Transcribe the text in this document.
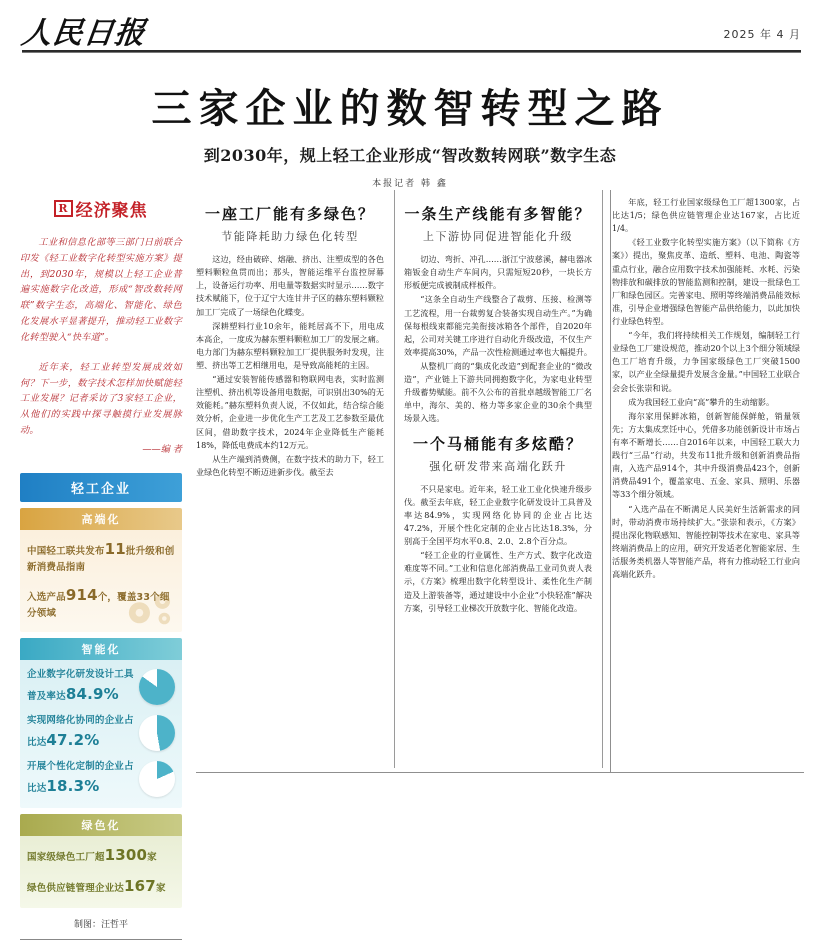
人民日报	2025 年 4 月
三家企业的数智转型之路
到2030年，规上轻工企业形成“智改数转网联”数字生态
本报记者 韩 鑫
R 经济聚焦
工业和信息化部等三部门日前联合印发《轻工业数字化转型实施方案》提出，到2030年，规模以上轻工企业普遍实施数字化改造，形成“智改数转网联”数字生态，高端化、智能化、绿色化发展水平显著提升，推动轻工业数字化转型驶入“快车道”。
近年来，轻工业转型发展成效如何？下一步，数字技术怎样加快赋能轻工业发展？记者采访了3家轻工企业，从他们的实践中探寻触摸行业发展脉动。
——编 者
轻工企业
高端化
中国轻工联共发布11批升级和创新消费品指南
入选产品914个，覆盖33个细分领域
智能化
企业数字化研发设计工具普及率达84.9%
实现网络化协同的企业占比达47.2%
开展个性化定制的企业占比达18.3%
绿色化
国家级绿色工厂超1300家
绿色供应链管理企业达167家
制图：汪哲平
一座工厂能有多绿色？
节能降耗助力绿色化转型
这边，经由破碎、熔融、挤出、注塑成型的各色塑料颗粒鱼贯而出；那头，智能运维平台监控屏幕上，设备运行功率、用电量等数据实时显示……数字技术赋能下，位于辽宁大连甘井子区的赫东塑料颗粒加工厂完成了一场绿色化蝶变。
深耕塑料行业10余年，能耗居高不下，用电成本高企，一度成为赫东塑料颗粒加工厂的发展之痛。电力部门为赫东塑料颗粒加工厂提供服务时发现，注塑、挤出等工艺相继用电，是导致高能耗的主因。
“通过安装智能传感器和物联网电表，实时监测注塑机、挤出机等设备用电数据，可识别出30%的无效能耗。”赫东塑料负责人说，不仅如此，结合综合能效分析，企业进一步优化生产工艺及工艺参数至最优区间，借助数字技术，2024年企业降低生产能耗18%，降低电费成本约12万元。
从生产端到消费侧，在数字技术的助力下，轻工业绿色化转型不断迈进新步伐。截至去
一条生产线能有多智能？
上下游协同促进智能化升级
切边、弯折、冲孔……浙江宁波慈溪，赫电器冰箱钣金自动生产车间内，只需短短20秒，一块长方形板便完成被制成样板件。
“这条全自动生产线整合了裁剪、压接、检测等工艺流程，用一台裁剪复合装备实现自动生产。”为确保每根线束都能完美衔接冰箱各个部件，自2020年起，公司对关键工序进行自动化升级改造，不仅生产效率提高30%，产品一次性检测通过率也大幅提升。
从整机厂商的“集成化改造”到配套企业的“微改造”，产业链上下游共同拥抱数字化，为家电业转型升级蓄势赋能。前不久公布的首批卓越级智能工厂名单中，海尔、美的、格力等多家企业的30余个典型场景入选。
一个马桶能有多炫酷？
强化研发带来高端化跃升
不只是家电。近年来，轻工业工业化快速升级步伐。截至去年底，轻工企业数字化研发设计工具普及率达84.9%，实现网络化协同的企业占比达47.2%，开展个性化定制的企业占比达18.3%，分别高于全国平均水平0.8、2.0、2.8个百分点。
“轻工企业的行业属性、生产方式、数字化改造难度等不同。”工业和信息化部消费品工业司负责人表示，《方案》梳理出数字化转型设计、柔性化生产制造及上游装备等，通过建设中小企业“小快轻准”解决方案，引导轻工业梯次开放数字化、智能化改造。
年底，轻工行业国家级绿色工厂超1300家，占比达1/5；绿色供应链管理企业达167家，占比近1/4。
《轻工业数字化转型实施方案》（以下简称《方案》）提出，聚焦皮革、造纸、塑料、电池、陶瓷等重点行业，融合应用数字技术加强能耗、水耗、污染物排放和碳排放的智能监测和控制，建设一批绿色工厂和绿色园区。完善家电、照明等终端消费品能效标准，引导企业增强绿色智能产品供给能力，以此加快行业绿色转型。
“今年，我们将持续相关工作规划，编制轻工行业绿色工厂建设规范，推动20个以上3个细分领域绿色工厂培育升级，力争国家级绿色工厂突破1500家，以产业全绿量提升发展含金量。”中国轻工业联合会会长张崇和说。
成为我国轻工业向“高”攀升的生动缩影。
海尔家用保鲜冰箱，创新智能保鲜舱，销量领先；方太集成烹饪中心，凭借多功能创新设计市场占有率不断增长……自2016年以来，中国轻工联大力践行“三品”行动，共发布11批升级和创新消费品指南，入选产品914个，其中升级消费品423个，创新消费品491个，覆盖家电、五金、家具、照明、乐器等33个细分领域。
“入选产品在不断满足人民美好生活新需求的同时，带动消费市场持续扩大。”张崇和表示，《方案》提出深化物联感知、智能控制等技术在家电、家具等终端消费品上的应用，研究开发适老化智能家居、生活服务类机器人等智能产品，将有力推动轻工行业向高端化跃升。
